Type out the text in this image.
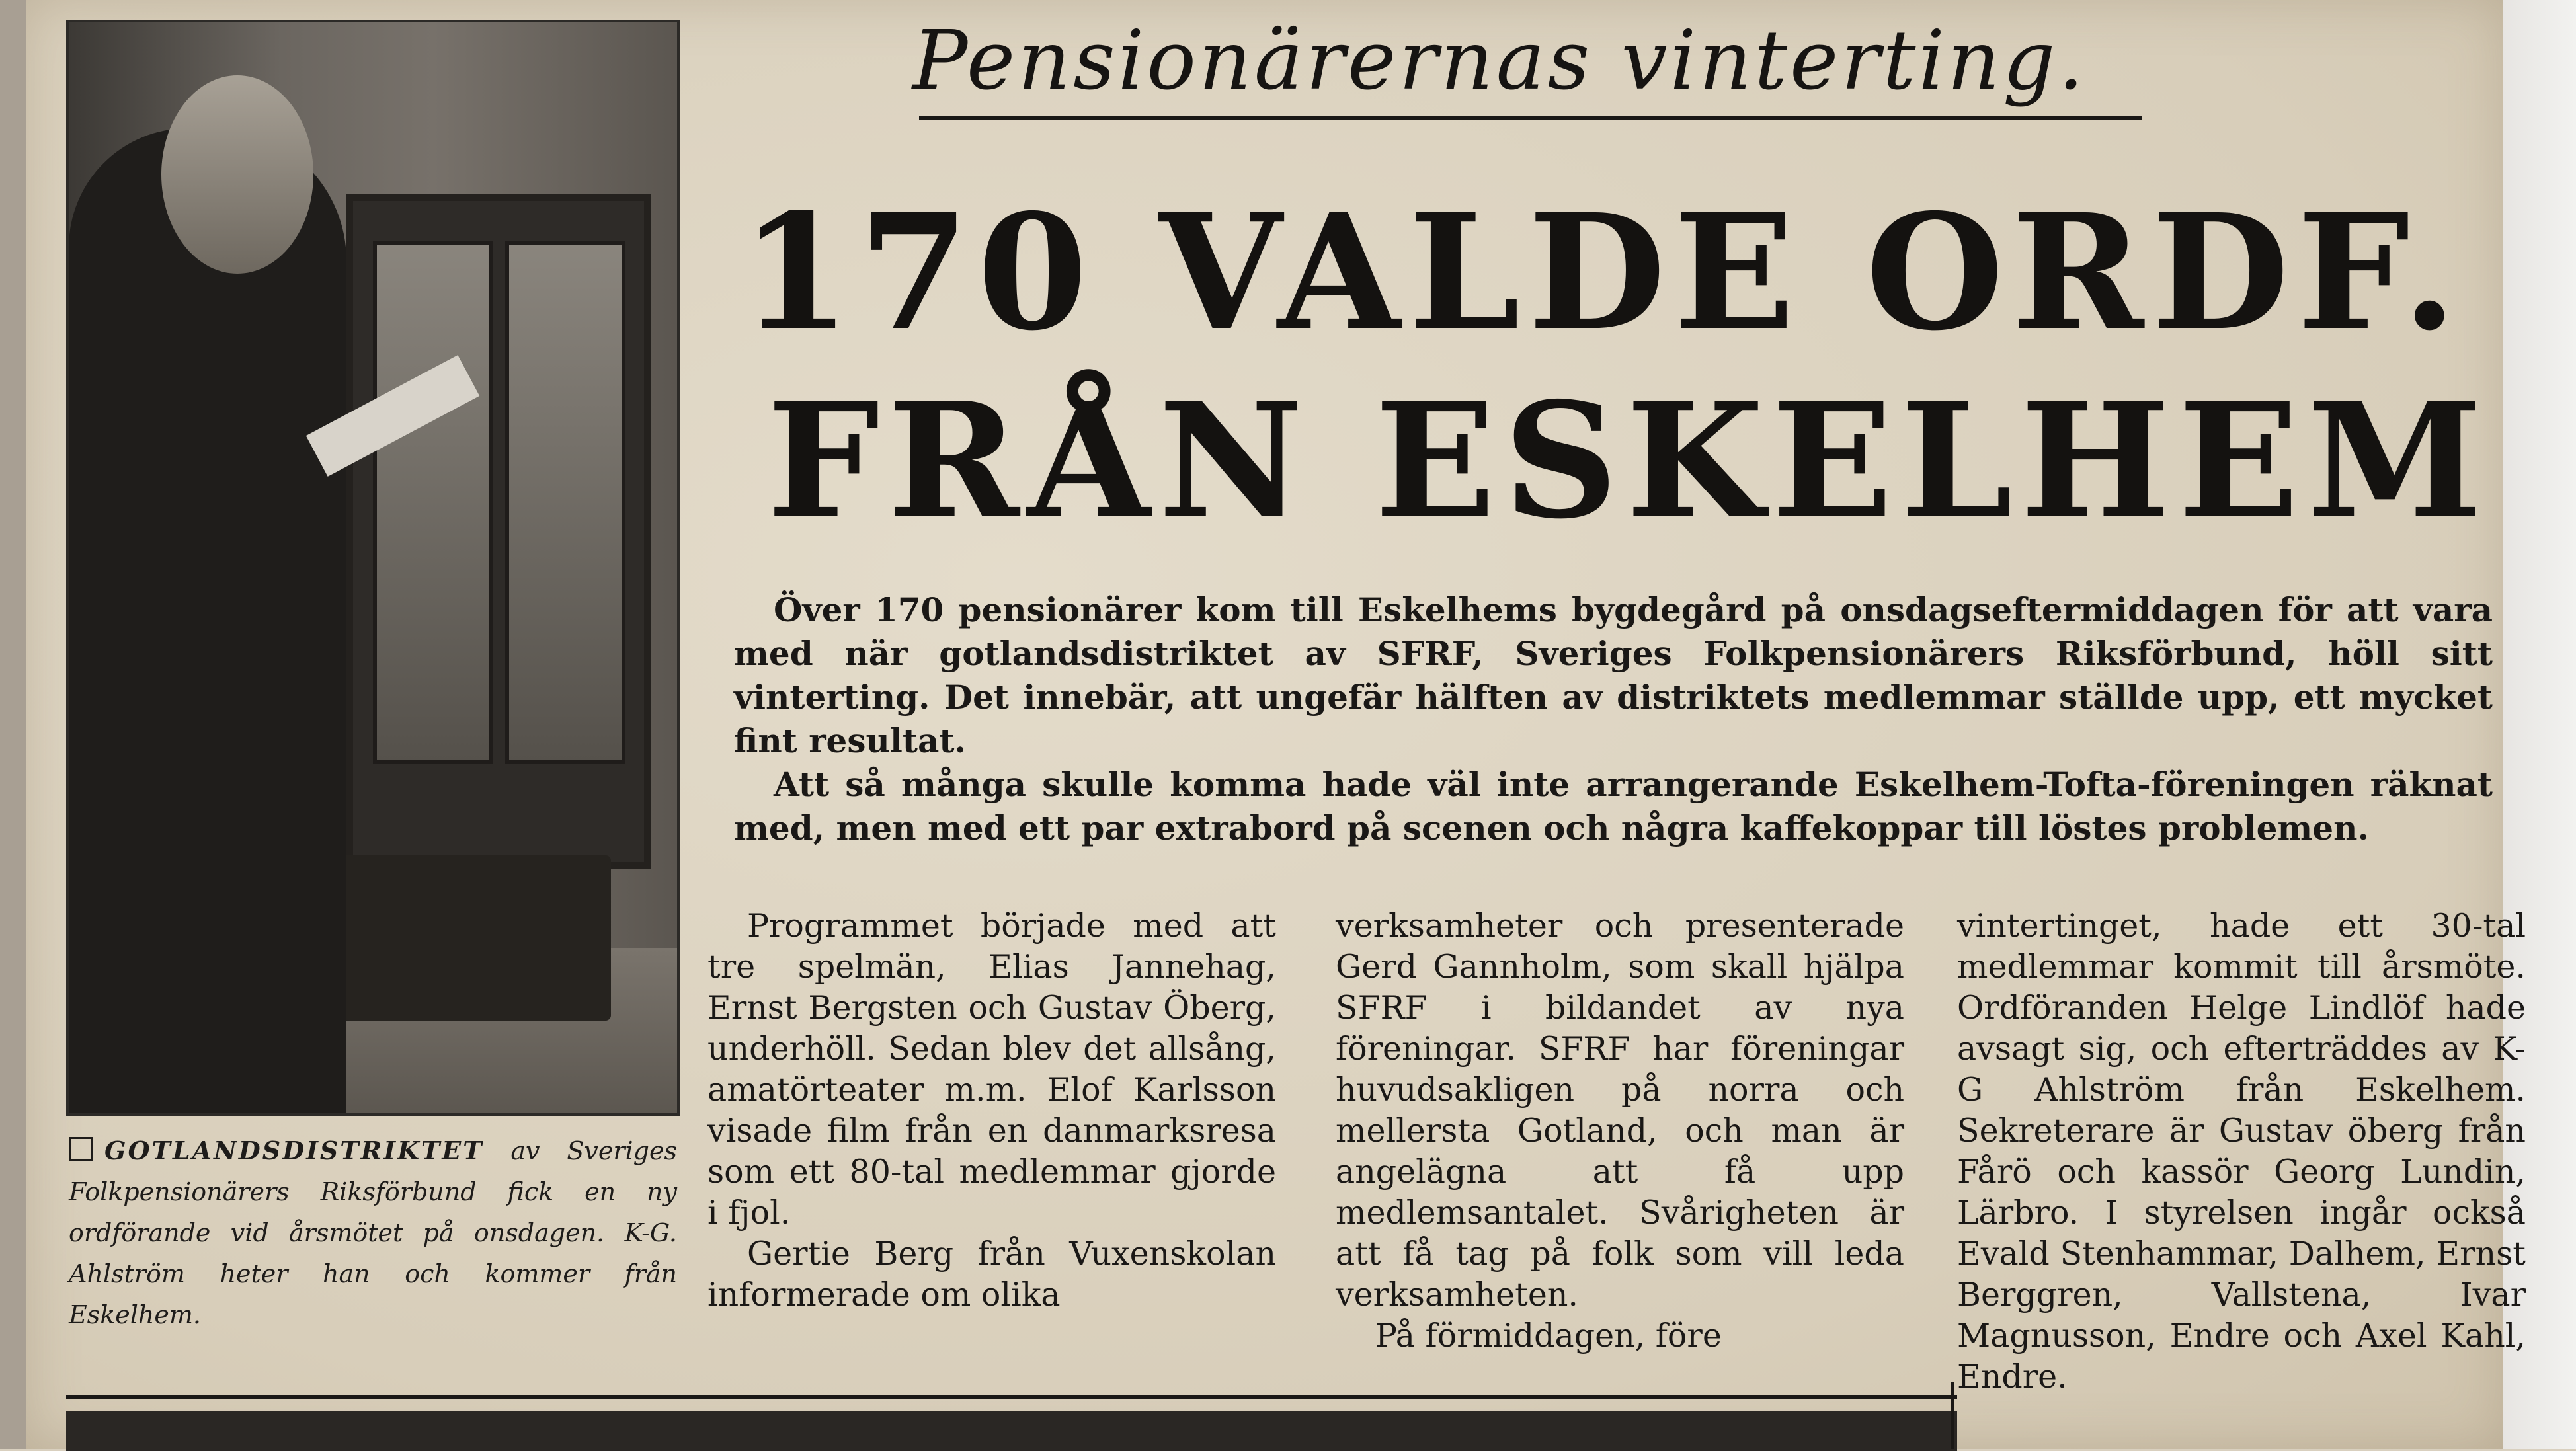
GOTLANDSDISTRIKTET av Sveriges Folkpensionärers Riksförbund fick en ny ordförande vid årsmötet på onsdagen. K-G. Ahlström heter han och kommer från Eskelhem.
Pensionärernas vinterting.
170 VALDE ORDF.
FRÅN ESKELHEM

Över 170 pensionärer kom till Eskelhems bygdegård på onsdagseftermiddagen för att vara med när gotlandsdistriktet av SFRF, Sveriges Folkpensionärers Riksförbund, höll sitt vinterting. Det innebär, att ungefär hälften av distriktets medlemmar ställde upp, ett mycket fint resultat.

Att så många skulle komma hade väl inte arrangerande Eskelhem-Tofta-föreningen räknat med, men med ett par extrabord på scenen och några kaffekoppar till löstes problemen.

Programmet började med att tre spelmän, Elias Jannehag, Ernst Bergsten och Gustav Öberg, underhöll. Sedan blev det allsång, amatörteater m.m. Elof Karlsson visade film från en danmarksresa som ett 80-tal medlemmar gjorde i fjol.

Gertie Berg från Vuxenskolan informerade om olika

verksamheter och presenterade Gerd Gannholm, som skall hjälpa SFRF i bildandet av nya föreningar. SFRF har föreningar huvudsakligen på norra och mellersta Gotland, och man är angelägna att få upp medlemsantalet. Svårigheten är att få tag på folk som vill leda verksamheten.

På förmiddagen, före

vintertinget, hade ett 30-tal medlemmar kommit till årsmöte. Ordföranden Helge Lindlöf hade avsagt sig, och efterträddes av K-G Ahlström från Eskelhem. Sekreterare är Gustav öberg från Fårö och kassör Georg Lundin, Lärbro. I styrelsen ingår också Evald Stenhammar, Dalhem, Ernst Berggren, Vallstena, Ivar Magnusson, Endre och Axel Kahl, Endre.
